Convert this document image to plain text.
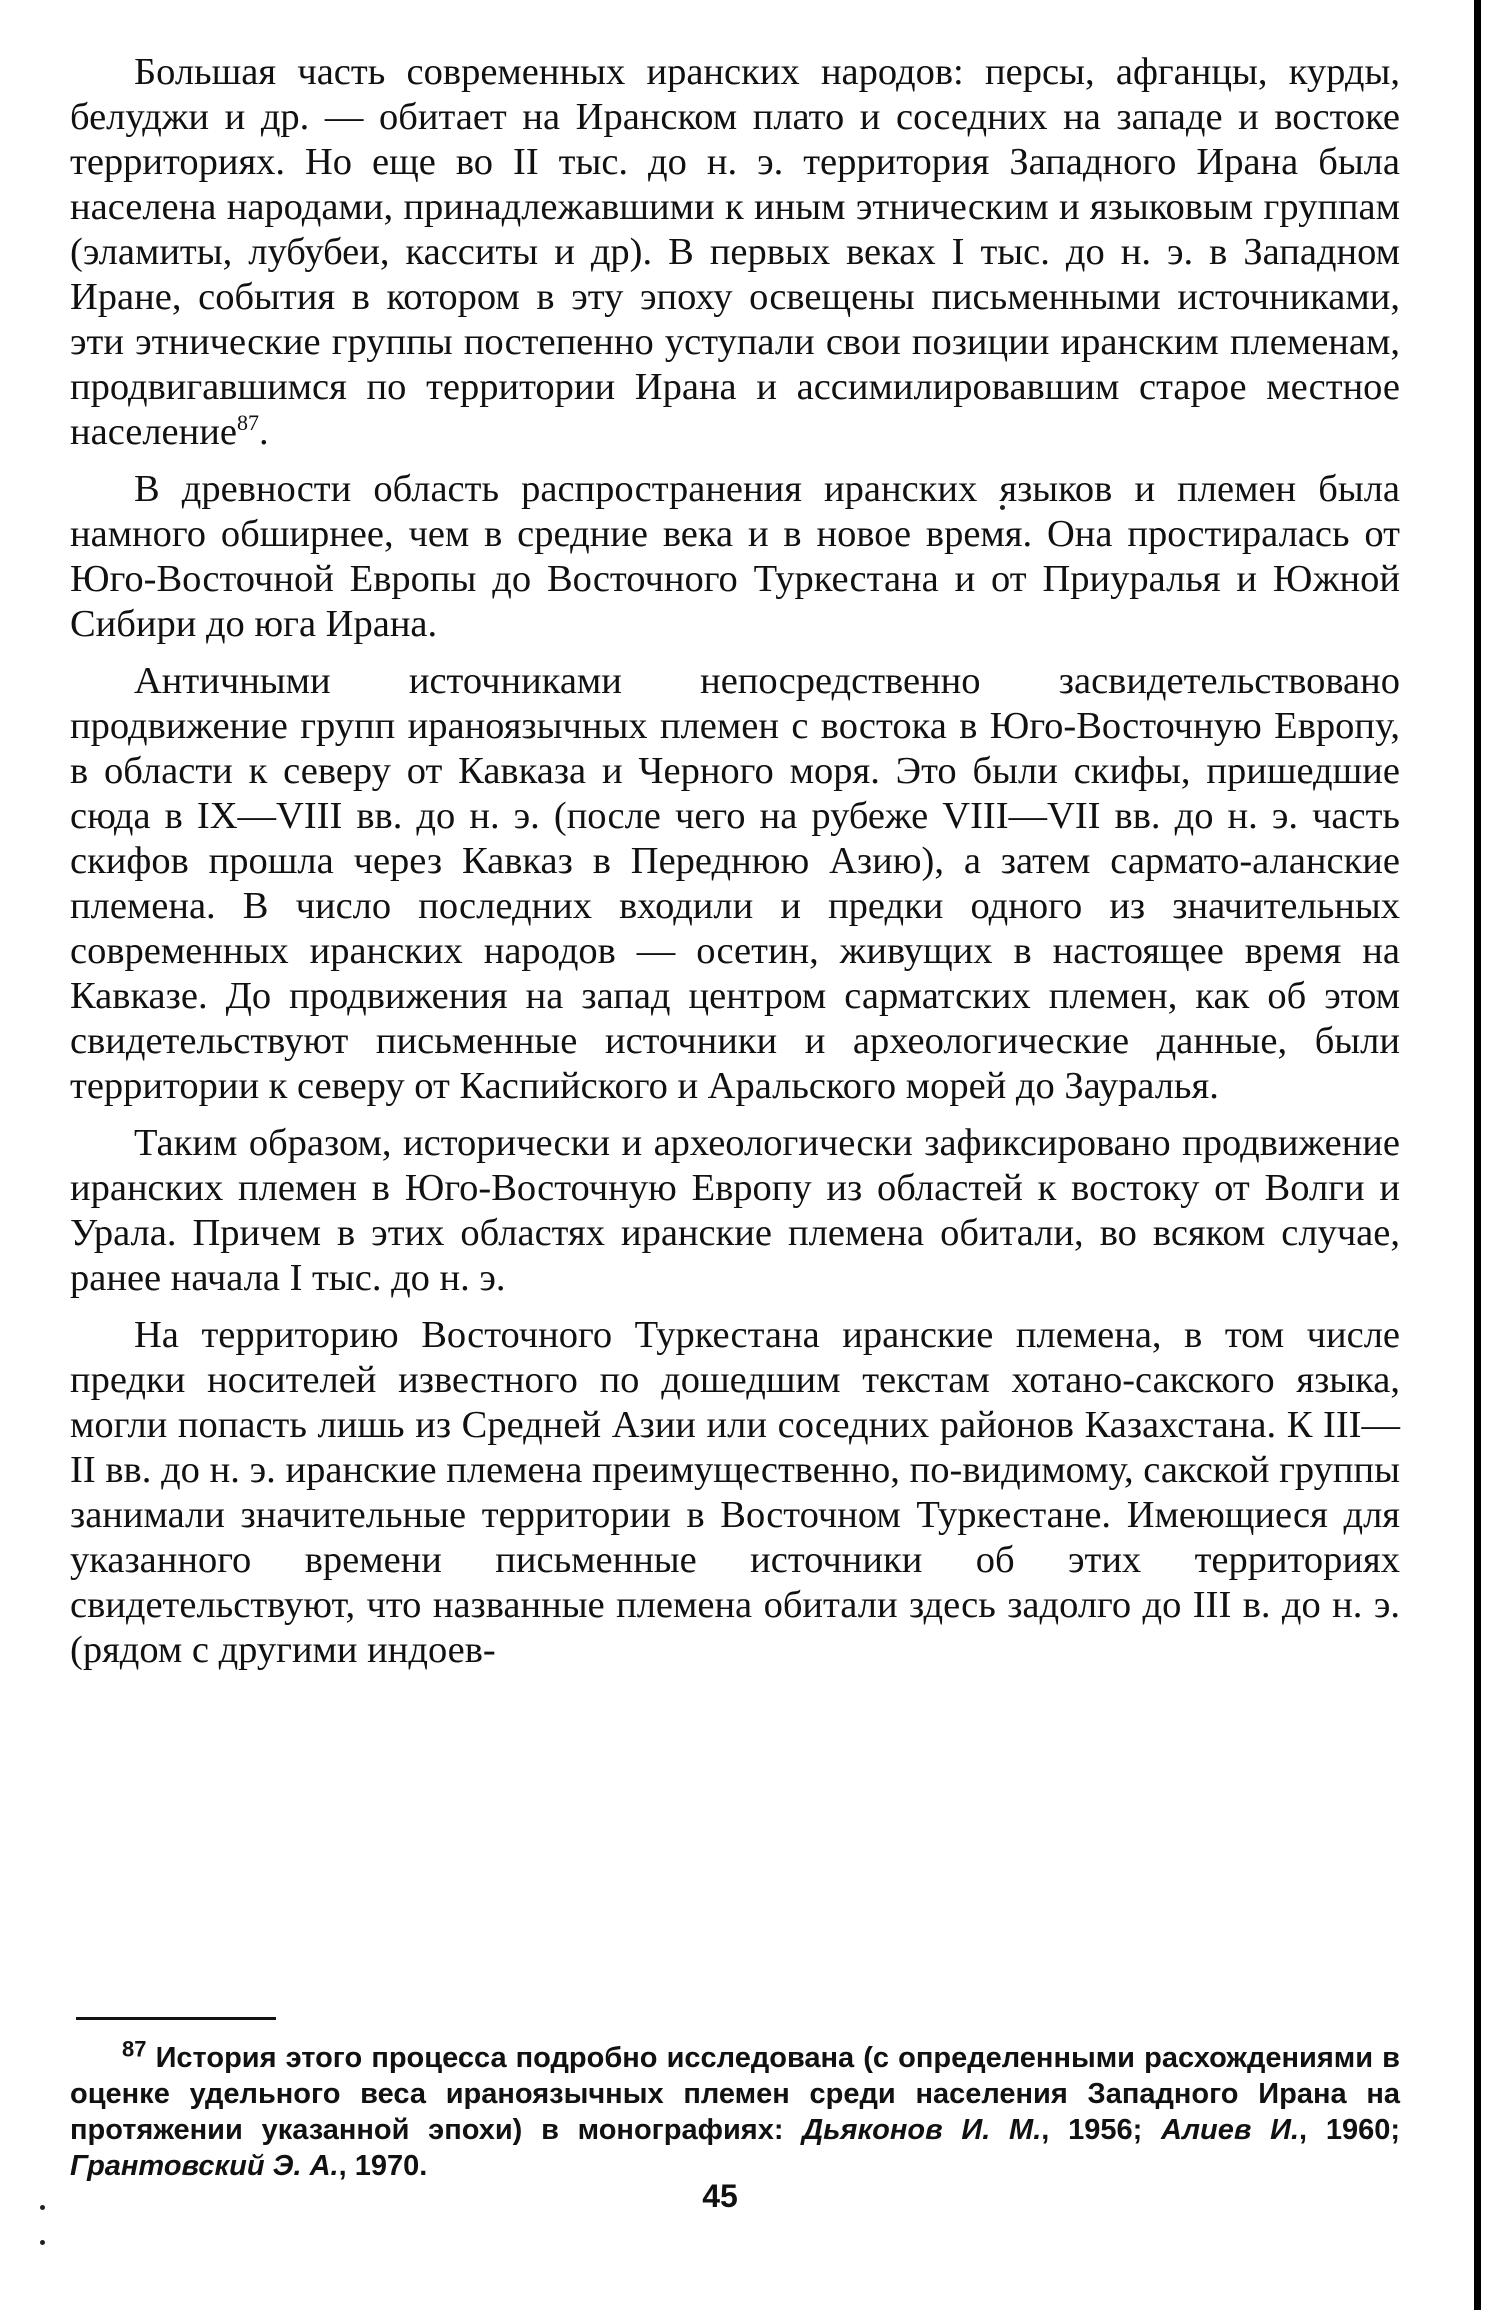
Большая часть современных иранских народов: персы, афганцы, курды, белуджи и др. — обитает на Иранском плато и соседних на западе и востоке территориях. Но еще во II тыс. до н. э. территория Западного Ирана была населена народами, принадлежавшими к иным этническим и языковым группам (эламиты, лубубеи, касситы и др). В первых веках I тыс. до н. э. в Западном Иране, события в котором в эту эпоху освещены письменными источниками, эти этнические группы постепенно уступали свои позиции иранским племенам, продвигавшимся по территории Ирана и ассимилировавшим старое местное население$^{87}$.

В древности область распространения иранских языков и племен была намного обширнее, чем в средние века и в новое время. Она простиралась от Юго-Восточной Европы до Восточного Туркестана и от Приуралья и Южной Сибири до юга Ирана.

Античными источниками непосредственно засвидетельствовано продвижение групп ираноязычных племен с востока в Юго-Восточную Европу, в области к северу от Кавказа и Черного моря. Это были скифы, пришедшие сюда в IX—VIII вв. до н. э. (после чего на рубеже VIII—VII вв. до н. э. часть скифов прошла через Кавказ в Переднюю Азию), а затем сармато-аланские племена. В число последних входили и предки одного из значительных современных иранских народов — осетин, живущих в настоящее время на Кавказе. До продвижения на запад центром сарматских племен, как об этом свидетельствуют письменные источники и археологические данные, были территории к северу от Каспийского и Аральского морей до Зауралья.

Таким образом, исторически и археологически зафиксировано продвижение иранских племен в Юго-Восточную Европу из областей к востоку от Волги и Урала. Причем в этих областях иранские племена обитали, во всяком случае, ранее начала I тыс. до н. э.

На территорию Восточного Туркестана иранские племена, в том числе предки носителей известного по дошедшим текстам хотано-сакского языка, могли попасть лишь из Средней Азии или соседних районов Казахстана. К III—II вв. до н. э. иранские племена преимущественно, по-видимому, сакской группы занимали значительные территории в Восточном Туркестане. Имеющиеся для указанного времени письменные источники об этих территориях свидетельствуют, что названные племена обитали здесь задолго до III в. до н. э. (рядом с другими индоев-

$^{87}$ История этого процесса подробно исследована (с определенными расхождениями в оценке удельного веса ираноязычных племен среди населения Западного Ирана на протяжении указанной эпохи) в монографиях: Дьяконов И. М., 1956; Алиев И., 1960; Грантовский Э. А., 1970.

45
